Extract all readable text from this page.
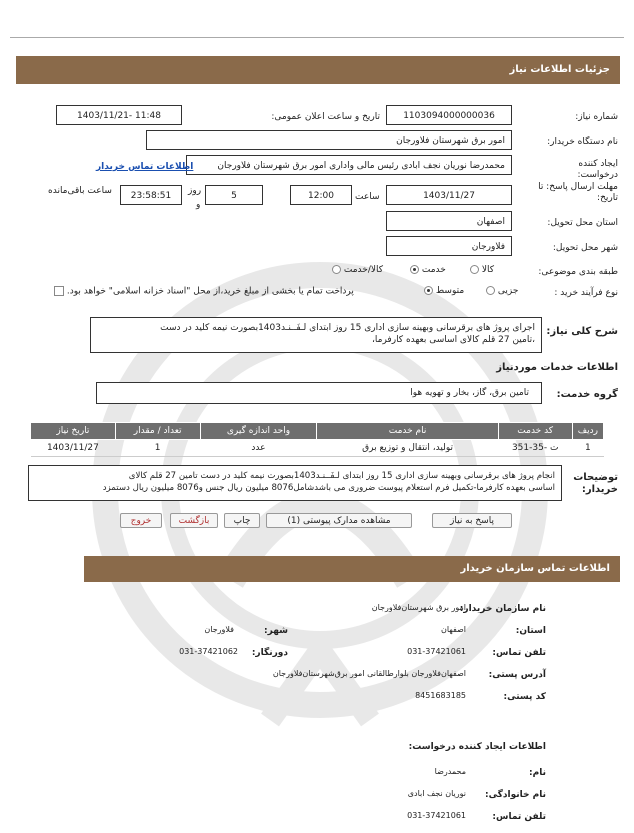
جزئیات اطلاعات نیاز
شماره نیاز:
1103094000000036
تاریخ و ساعت اعلان عمومی:
1403/11/21- 11:48
نام دستگاه خریدار:
امور برق شهرستان فلاورجان
ایجاد کننده درخواست:
محمدرضا نوریان نجف ابادی رئیس مالی واداری امور برق شهرستان فلاورجان
اطلاعات تماس خریدار
مهلت ارسال پاسخ: تا تاریخ:
1403/11/27
ساعت
12:00
5
روز
و
23:58:51
ساعت باقی‌مانده
استان محل تحویل:
اصفهان
شهر محل تحویل:
فلاورجان
طبقه بندی موضوعی:
کالا
خدمت
کالا/خدمت
نوع فرآیند خرید :
جزیی
متوسط
پرداخت تمام یا بخشی از مبلغ خرید،از محل "اسناد خزانه اسلامی" خواهد بود.
شرح کلی نیاز:
اجرای پروژ های برقرسانی وبهینه سازی اداری 15 روز ابتدای لـفَــنـد1403بصورت نیمه کلید در دست
،تامین 27 قلم کالای اساسی بعهده کارفرما،
اطلاعات خدمات موردنیاز
گروه خدمت:
تامین برق، گاز، بخار و تهویه هوا
ردیف	کد خدمت	نام خدمت	واحد اندازه گیری	تعداد / مقدار	تاریخ نیاز
1	ت -35-351	تولید، انتقال و توزیع برق	عدد	1	1403/11/27
توضیحات خریدار:
انجام پروژ های برقرسانی وبهینه سازی اداری 15 روز ابتدای لـفَــنـد1403بصورت نیمه کلید در دست تامین 27 قلم کالای
اساسی بعهده کارفرما-تکمیل فرم استعلام پیوست ضروری می باشدشامل8076 میلیون ریال جنس و8076 میلیون ریال دستمزد
پاسخ به نیاز
مشاهده مدارک پیوستی (1)
چاپ
بازگشت
خروج
اطلاعات تماس سازمان خریدار
نام سازمان خریدار:
امور برق شهرستان‌فلاورجان
استان:
اصفهان
شهر:
فلاورجان
تلفن تماس:
031-37421061
دورنگار:
031-37421062
آدرس پستی:
اصفهان‌فلاورجان بلوارطالقانی امور برق‌شهرستان‌فلاورجان
کد پستی:
8451683185
اطلاعات ایجاد کننده درخواست:
نام:
محمدرضا
نام خانوادگی:
نوریان نجف ابادی
تلفن تماس:
031-37421061
